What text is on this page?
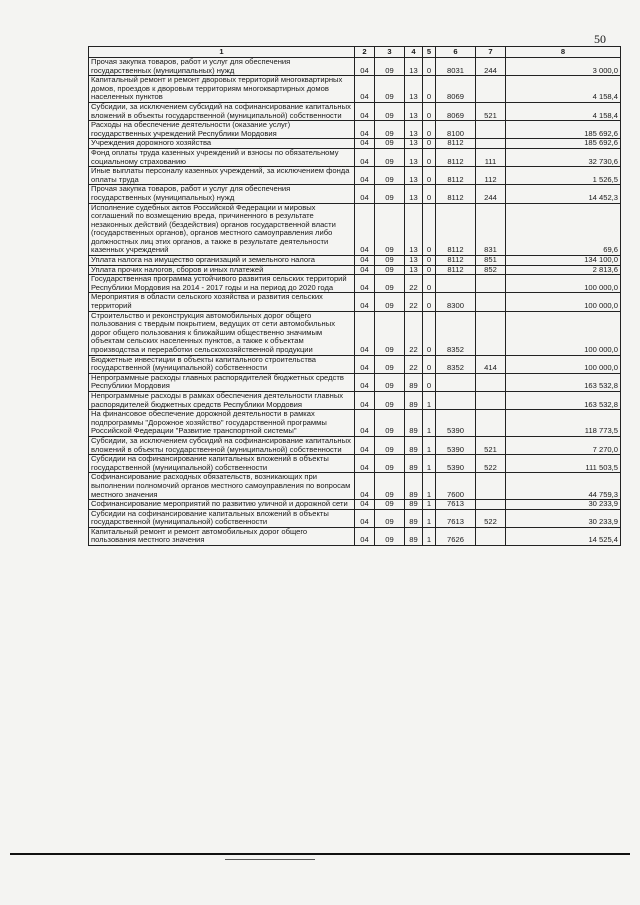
50
1	2	3	4	5	6	7	8
Прочая закупка товаров, работ и услуг для обеспечения государственных (муниципальных) нужд	04	09	13	0	8031	244	3 000,0
Капитальный ремонт и ремонт дворовых территорий многоквартирных домов, проездов к дворовым территориям многоквартирных домов населенных пунктов	04	09	13	0	8069		4 158,4
Субсидии, за исключением субсидий на софинансирование капитальных вложений в объекты государственной (муниципальной) собственности	04	09	13	0	8069	521	4 158,4
Расходы на обеспечение деятельности (оказание услуг) государственных учреждений Республики Мордовия	04	09	13	0	8100		185 692,6
Учреждения дорожного хозяйства	04	09	13	0	8112		185 692,6
Фонд оплаты труда казенных учреждений и взносы по обязательному социальному страхованию	04	09	13	0	8112	111	32 730,6
Иные выплаты персоналу казенных учреждений, за исключением фонда оплаты труда	04	09	13	0	8112	112	1 526,5
Прочая закупка товаров, работ и услуг для обеспечения государственных (муниципальных) нужд	04	09	13	0	8112	244	14 452,3
Исполнение судебных актов Российской Федерации и мировых соглашений по возмещению вреда, причиненного в результате незаконных действий (бездействия) органов государственной власти (государственных органов), органов местного самоуправления либо должностных лиц этих органов, а также в результате деятельности казенных учреждений	04	09	13	0	8112	831	69,6
Уплата налога на имущество организаций и земельного налога	04	09	13	0	8112	851	134 100,0
Уплата прочих налогов, сборов и иных платежей	04	09	13	0	8112	852	2 813,6
Государственная программа устойчивого развития сельских территорий Республики Мордовия на 2014 - 2017 годы и на период до 2020 года	04	09	22	0			100 000,0
Мероприятия в области сельского хозяйства и развития сельских территорий	04	09	22	0	8300		100 000,0
Строительство и реконструкция автомобильных дорог общего пользования с твердым покрытием, ведущих от сети автомобильных дорог общего пользования к ближайшим общественно значимым объектам сельских населенных пунктов, а также к объектам производства и переработки сельскохозяйственной продукции	04	09	22	0	8352		100 000,0
Бюджетные инвестиции в объекты капитального строительства государственной (муниципальной) собственности	04	09	22	0	8352	414	100 000,0
Непрограммные расходы главных распорядителей бюджетных средств Республики Мордовия	04	09	89	0			163 532,8
Непрограммные расходы в рамках обеспечения деятельности главных распорядителей бюджетных средств Республики Мордовия	04	09	89	1			163 532,8
На финансовое обеспечение дорожной деятельности в рамках подпрограммы "Дорожное хозяйство" государственной программы Российской Федерации "Развитие транспортной системы"	04	09	89	1	5390		118 773,5
Субсидии, за исключением субсидий на софинансирование капитальных вложений в объекты государственной (муниципальной) собственности	04	09	89	1	5390	521	7 270,0
Субсидии на софинансирование капитальных вложений в объекты государственной (муниципальной) собственности	04	09	89	1	5390	522	111 503,5
Софинансирование расходных обязательств, возникающих при выполнении полномочий органов местного самоуправления по вопросам местного значения	04	09	89	1	7600		44 759,3
Софинансирование мероприятий по развитию уличной и дорожной сети	04	09	89	1	7613		30 233,9
Субсидии на софинансирование капитальных вложений в объекты государственной (муниципальной) собственности	04	09	89	1	7613	522	30 233,9
Капитальный ремонт и ремонт автомобильных дорог общего пользования местного значения	04	09	89	1	7626		14 525,4
